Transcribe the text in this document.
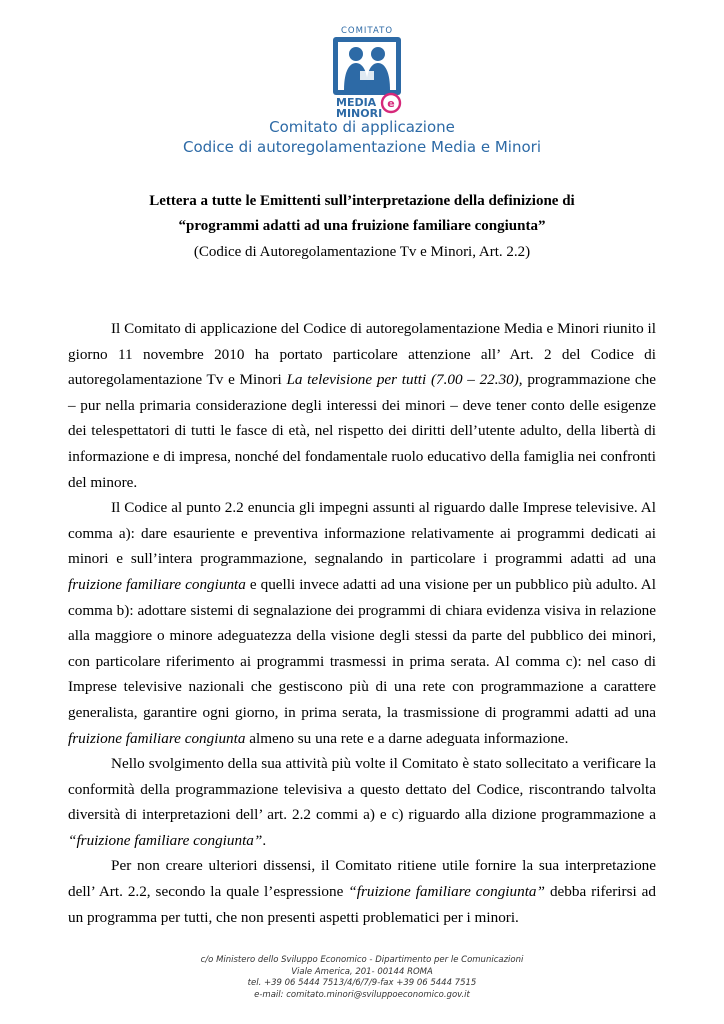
COMITATO
MEDIA
MINORI
e
Comitato di applicazione
Codice di autoregolamentazione Media e Minori
Lettera a tutte le Emittenti sull’interpretazione della definizione di
“programmi adatti ad una fruizione familiare congiunta”
(Codice di Autoregolamentazione Tv e Minori, Art. 2.2)

Il Comitato di applicazione del Codice di autoregolamentazione Media e Minori riunito il giorno 11 novembre 2010 ha portato particolare attenzione all’ Art. 2 del Codice di autoregolamentazione Tv e Minori La televisione per tutti (7.00 – 22.30), programmazione che – pur nella primaria considerazione degli interessi dei minori – deve tener conto delle esigenze dei telespettatori di tutti le fasce di età, nel rispetto dei diritti dell’utente adulto, della libertà di informazione e di impresa, nonché del fondamentale ruolo educativo della famiglia nei confronti del minore.

Il Codice al punto 2.2 enuncia gli impegni assunti al riguardo dalle Imprese televisive. Al comma a): dare esauriente e preventiva informazione relativamente ai programmi dedicati ai minori e sull’intera programmazione, segnalando in particolare i programmi adatti ad una fruizione familiare congiunta e quelli invece adatti ad una visione per un pubblico più adulto. Al comma b): adottare sistemi di segnalazione dei programmi di chiara evidenza visiva in relazione alla maggiore o minore adeguatezza della visione degli stessi da parte del pubblico dei minori, con particolare riferimento ai programmi trasmessi in prima serata. Al comma c): nel caso di Imprese televisive nazionali che gestiscono più di una rete con programmazione a carattere generalista, garantire ogni giorno, in prima serata, la trasmissione di programmi adatti ad una fruizione familiare congiunta almeno su una rete e a darne adeguata informazione.

Nello svolgimento della sua attività più volte il Comitato è stato sollecitato a verificare la conformità della programmazione televisiva a questo dettato del Codice, riscontrando talvolta diversità di interpretazioni dell’ art. 2.2 commi a) e c) riguardo alla dizione programmazione a “fruizione familiare congiunta”.

Per non creare ulteriori dissensi, il Comitato ritiene utile fornire la sua interpretazione dell’ Art. 2.2, secondo la quale l’espressione “fruizione familiare congiunta” debba riferirsi ad un programma per tutti, che non presenti aspetti problematici per i minori.

c/o Ministero dello Sviluppo Economico - Dipartimento per le Comunicazioni
Viale America, 201- 00144 ROMA
tel. +39 06 5444 7513/4/6/7/9-fax +39 06 5444 7515
e-mail: comitato.minori@sviluppoeconomico.gov.it
